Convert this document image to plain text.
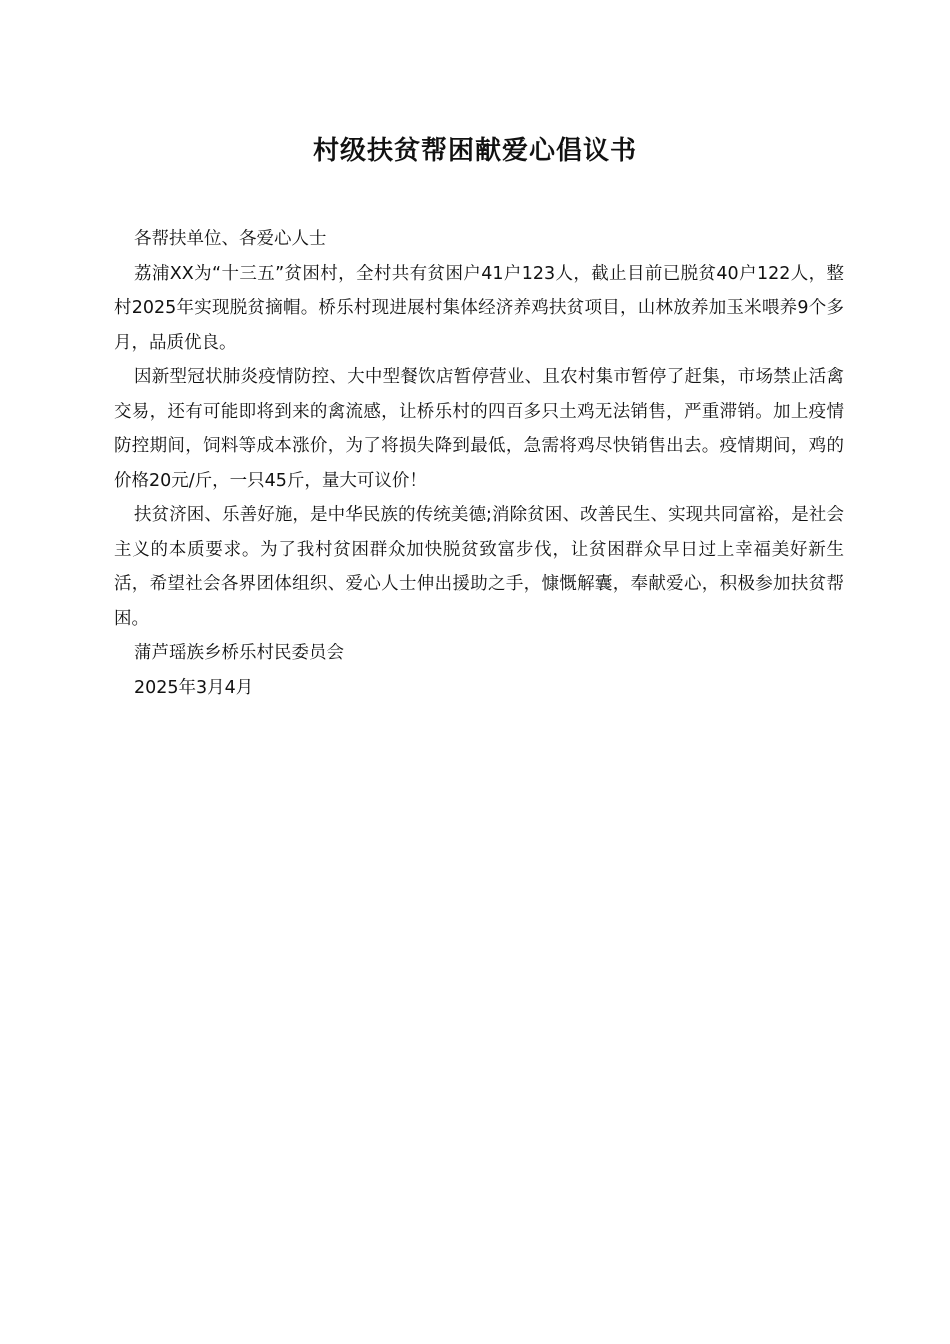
村级扶贫帮困献爱心倡议书

各帮扶单位、各爱心人士

荔浦XX为“十三五”贫困村，全村共有贫困户41户123人，截止目前已脱贫40户122人，整村2025年实现脱贫摘帽。桥乐村现进展村集体经济养鸡扶贫项目，山林放养加玉米喂养9个多月，品质优良。

因新型冠状肺炎疫情防控、大中型餐饮店暂停营业、且农村集市暂停了赶集，市场禁止活禽交易，还有可能即将到来的禽流感，让桥乐村的四百多只土鸡无法销售，严重滞销。加上疫情防控期间，饲料等成本涨价，为了将损失降到最低，急需将鸡尽快销售出去。疫情期间，鸡的价格20元/斤，一只45斤，量大可议价！

扶贫济困、乐善好施，是中华民族的传统美德;消除贫困、改善民生、实现共同富裕，是社会主义的本质要求。为了我村贫困群众加快脱贫致富步伐，让贫困群众早日过上幸福美好新生活，希望社会各界团体组织、爱心人士伸出援助之手，慷慨解囊，奉献爱心，积极参加扶贫帮困。

蒲芦瑶族乡桥乐村民委员会

2025年3月4月
